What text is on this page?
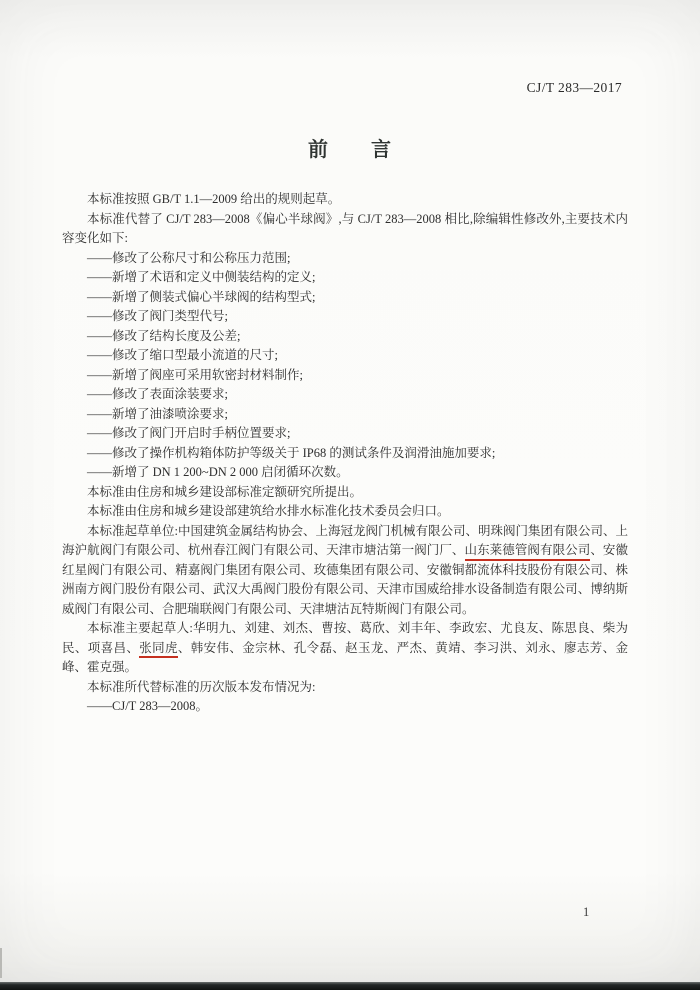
CJ/T 283—2017
前　　言

本标准按照 GB/T 1.1—2009 给出的规则起草。

本标准代替了 CJ/T 283—2008《偏心半球阀》,与 CJ/T 283—2008 相比,除编辑性修改外,主要技术内容变化如下:

——修改了公称尺寸和公称压力范围;

——新增了术语和定义中侧装结构的定义;

——新增了侧装式偏心半球阀的结构型式;

——修改了阀门类型代号;

——修改了结构长度及公差;

——修改了缩口型最小流道的尺寸;

——新增了阀座可采用软密封材料制作;

——修改了表面涂装要求;

——新增了油漆喷涂要求;

——修改了阀门开启时手柄位置要求;

——修改了操作机构箱体防护等级关于 IP68 的测试条件及润滑油施加要求;

——新增了 DN 1 200~DN 2 000 启闭循环次数。

本标准由住房和城乡建设部标准定额研究所提出。

本标准由住房和城乡建设部建筑给水排水标准化技术委员会归口。

本标准起草单位:中国建筑金属结构协会、上海冠龙阀门机械有限公司、明珠阀门集团有限公司、上海沪航阀门有限公司、杭州春江阀门有限公司、天津市塘沽第一阀门厂、山东莱德管阀有限公司、安徽红星阀门有限公司、精嘉阀门集团有限公司、玫德集团有限公司、安徽铜都流体科技股份有限公司、株洲南方阀门股份有限公司、武汉大禹阀门股份有限公司、天津市国威给排水设备制造有限公司、博纳斯威阀门有限公司、合肥瑞联阀门有限公司、天津塘沽瓦特斯阀门有限公司。

本标准主要起草人:华明九、刘建、刘杰、曹按、葛欣、刘丰年、李政宏、尤良友、陈思良、柴为民、项喜昌、张同虎、韩安伟、金宗林、孔令磊、赵玉龙、严杰、黄靖、李习洪、刘永、廖志芳、金峰、霍克强。

本标准所代替标准的历次版本发布情况为:

——CJ/T 283—2008。

1
